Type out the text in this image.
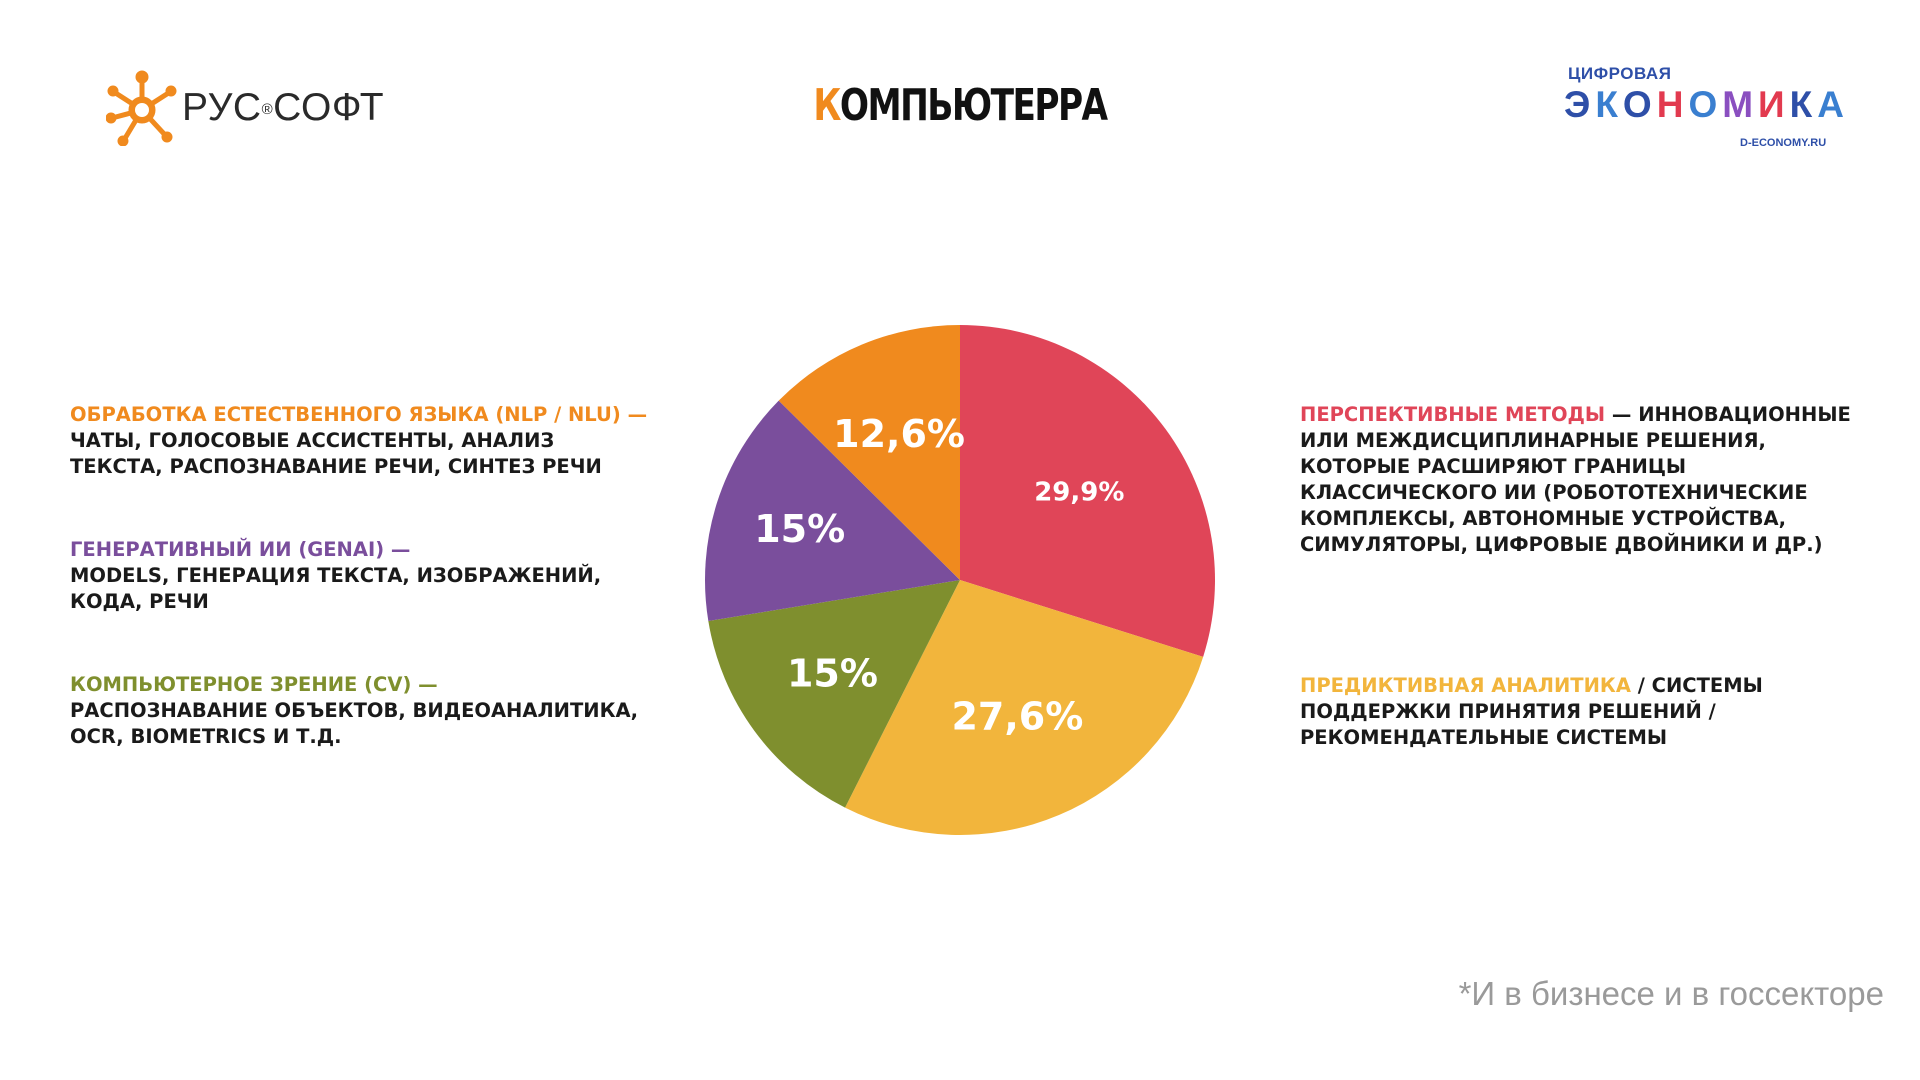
РУС®СОФТ	КОМПЬЮТЕРРА
ЦИФРОВАЯ
ЭКОНОМИКА
D-ECONOMY.RU
ОБРАБОТКА ЕСТЕСТВЕННОГО ЯЗЫКА (NLP / NLU) —
ЧАТЫ, ГОЛОСОВЫЕ АССИСТЕНТЫ, АНАЛИЗ ТЕКСТА, РАСПОЗНАВАНИЕ РЕЧИ, СИНТЕЗ РЕЧИ
ГЕНЕРАТИВНЫЙ ИИ (GENAI) —
MODELS, ГЕНЕРАЦИЯ ТЕКСТА, ИЗОБРАЖЕНИЙ, КОДА, РЕЧИ
КОМПЬЮТЕРНОЕ ЗРЕНИЕ (CV) —
РАСПОЗНАВАНИЕ ОБЪЕКТОВ, ВИДЕОАНАЛИТИКА, OCR, BIOMETRICS И Т.Д.
ПЕРСПЕКТИВНЫЕ МЕТОДЫ — ИННОВАЦИОННЫЕ ИЛИ МЕЖДИСЦИПЛИНАРНЫЕ РЕШЕНИЯ, КОТОРЫЕ РАСШИРЯЮТ ГРАНИЦЫ КЛАССИЧЕСКОГО ИИ (РОБОТОТЕХНИЧЕСКИЕ КОМПЛЕКСЫ, АВТОНОМНЫЕ УСТРОЙСТВА, СИМУЛЯТОРЫ, ЦИФРОВЫЕ ДВОЙНИКИ И ДР.)
ПРЕДИКТИВНАЯ АНАЛИТИКА / СИСТЕМЫ ПОДДЕРЖКИ ПРИНЯТИЯ РЕШЕНИЙ / РЕКОМЕНДАТЕЛЬНЫЕ СИСТЕМЫ
29,9%
27,6%
15%
15%
12,6%
*И в бизнесе и в госсекторе
